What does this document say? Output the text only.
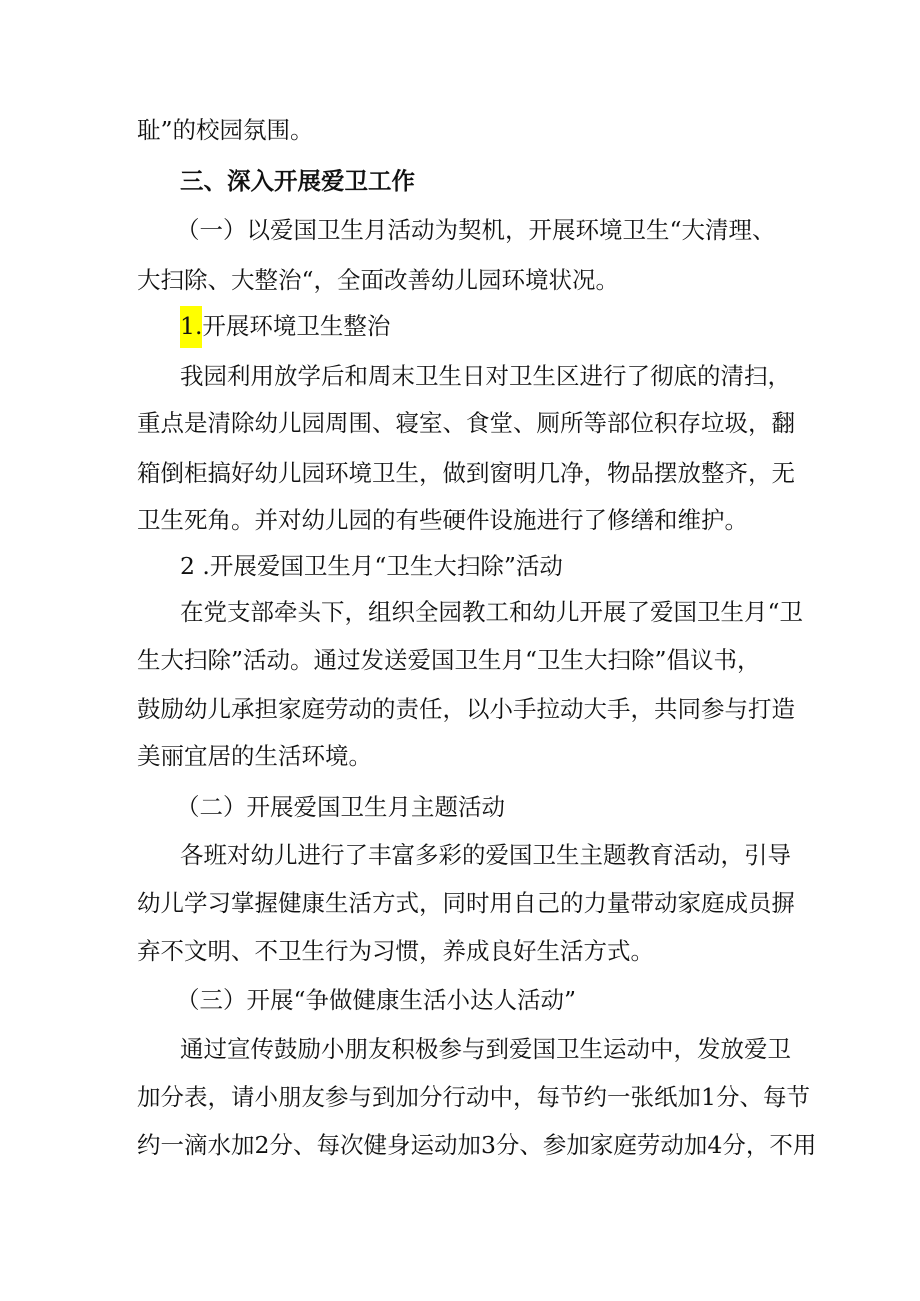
耻”的校园氛围。
三、深入开展爱卫工作
（一）以爱国卫生月活动为契机，开展环境卫生“大清理、
大扫除、大整治“，全面改善幼儿园环境状况。
1.开展环境卫生整治
我园利用放学后和周末卫生日对卫生区进行了彻底的清扫，
重点是清除幼儿园周围、寝室、食堂、厕所等部位积存垃圾，翻
箱倒柜搞好幼儿园环境卫生，做到窗明几净，物品摆放整齐，无
卫生死角。并对幼儿园的有些硬件设施进行了修缮和维护。
2 .开展爱国卫生月“卫生大扫除”活动
在党支部牵头下，组织全园教工和幼儿开展了爱国卫生月“卫
生大扫除”活动。通过发送爱国卫生月“卫生大扫除”倡议书，
鼓励幼儿承担家庭劳动的责任，以小手拉动大手，共同参与打造
美丽宜居的生活环境。
（二）开展爱国卫生月主题活动
各班对幼儿进行了丰富多彩的爱国卫生主题教育活动，引导
幼儿学习掌握健康生活方式，同时用自己的力量带动家庭成员摒
弃不文明、不卫生行为习惯，养成良好生活方式。
（三）开展“争做健康生活小达人活动”
通过宣传鼓励小朋友积极参与到爱国卫生运动中，发放爱卫
加分表，请小朋友参与到加分行动中，每节约一张纸加1分、每节
约一滴水加2分、每次健身运动加3分、参加家庭劳动加4分，不用
